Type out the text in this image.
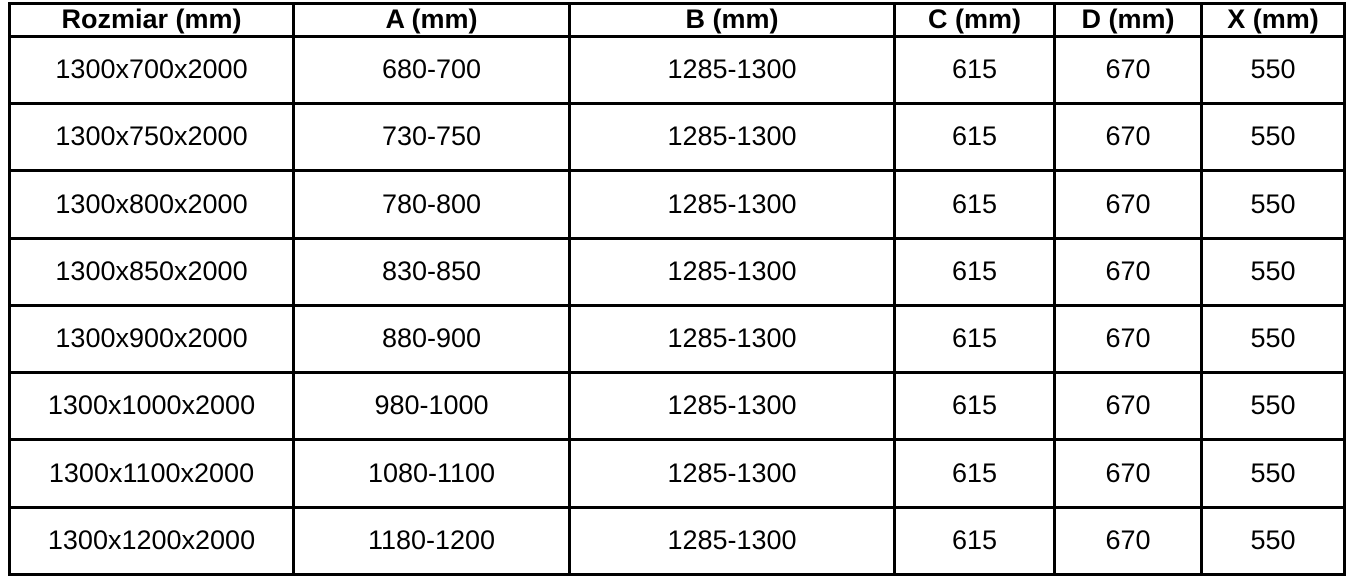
Rozmiar (mm)	A (mm)	B (mm)	C (mm)	D (mm)	X (mm)
1300x700x2000	680-700	1285-1300	615	670	550
1300x750x2000	730-750	1285-1300	615	670	550
1300x800x2000	780-800	1285-1300	615	670	550
1300x850x2000	830-850	1285-1300	615	670	550
1300x900x2000	880-900	1285-1300	615	670	550
1300x1000x2000	980-1000	1285-1300	615	670	550
1300x1100x2000	1080-1100	1285-1300	615	670	550
1300x1200x2000	1180-1200	1285-1300	615	670	550
